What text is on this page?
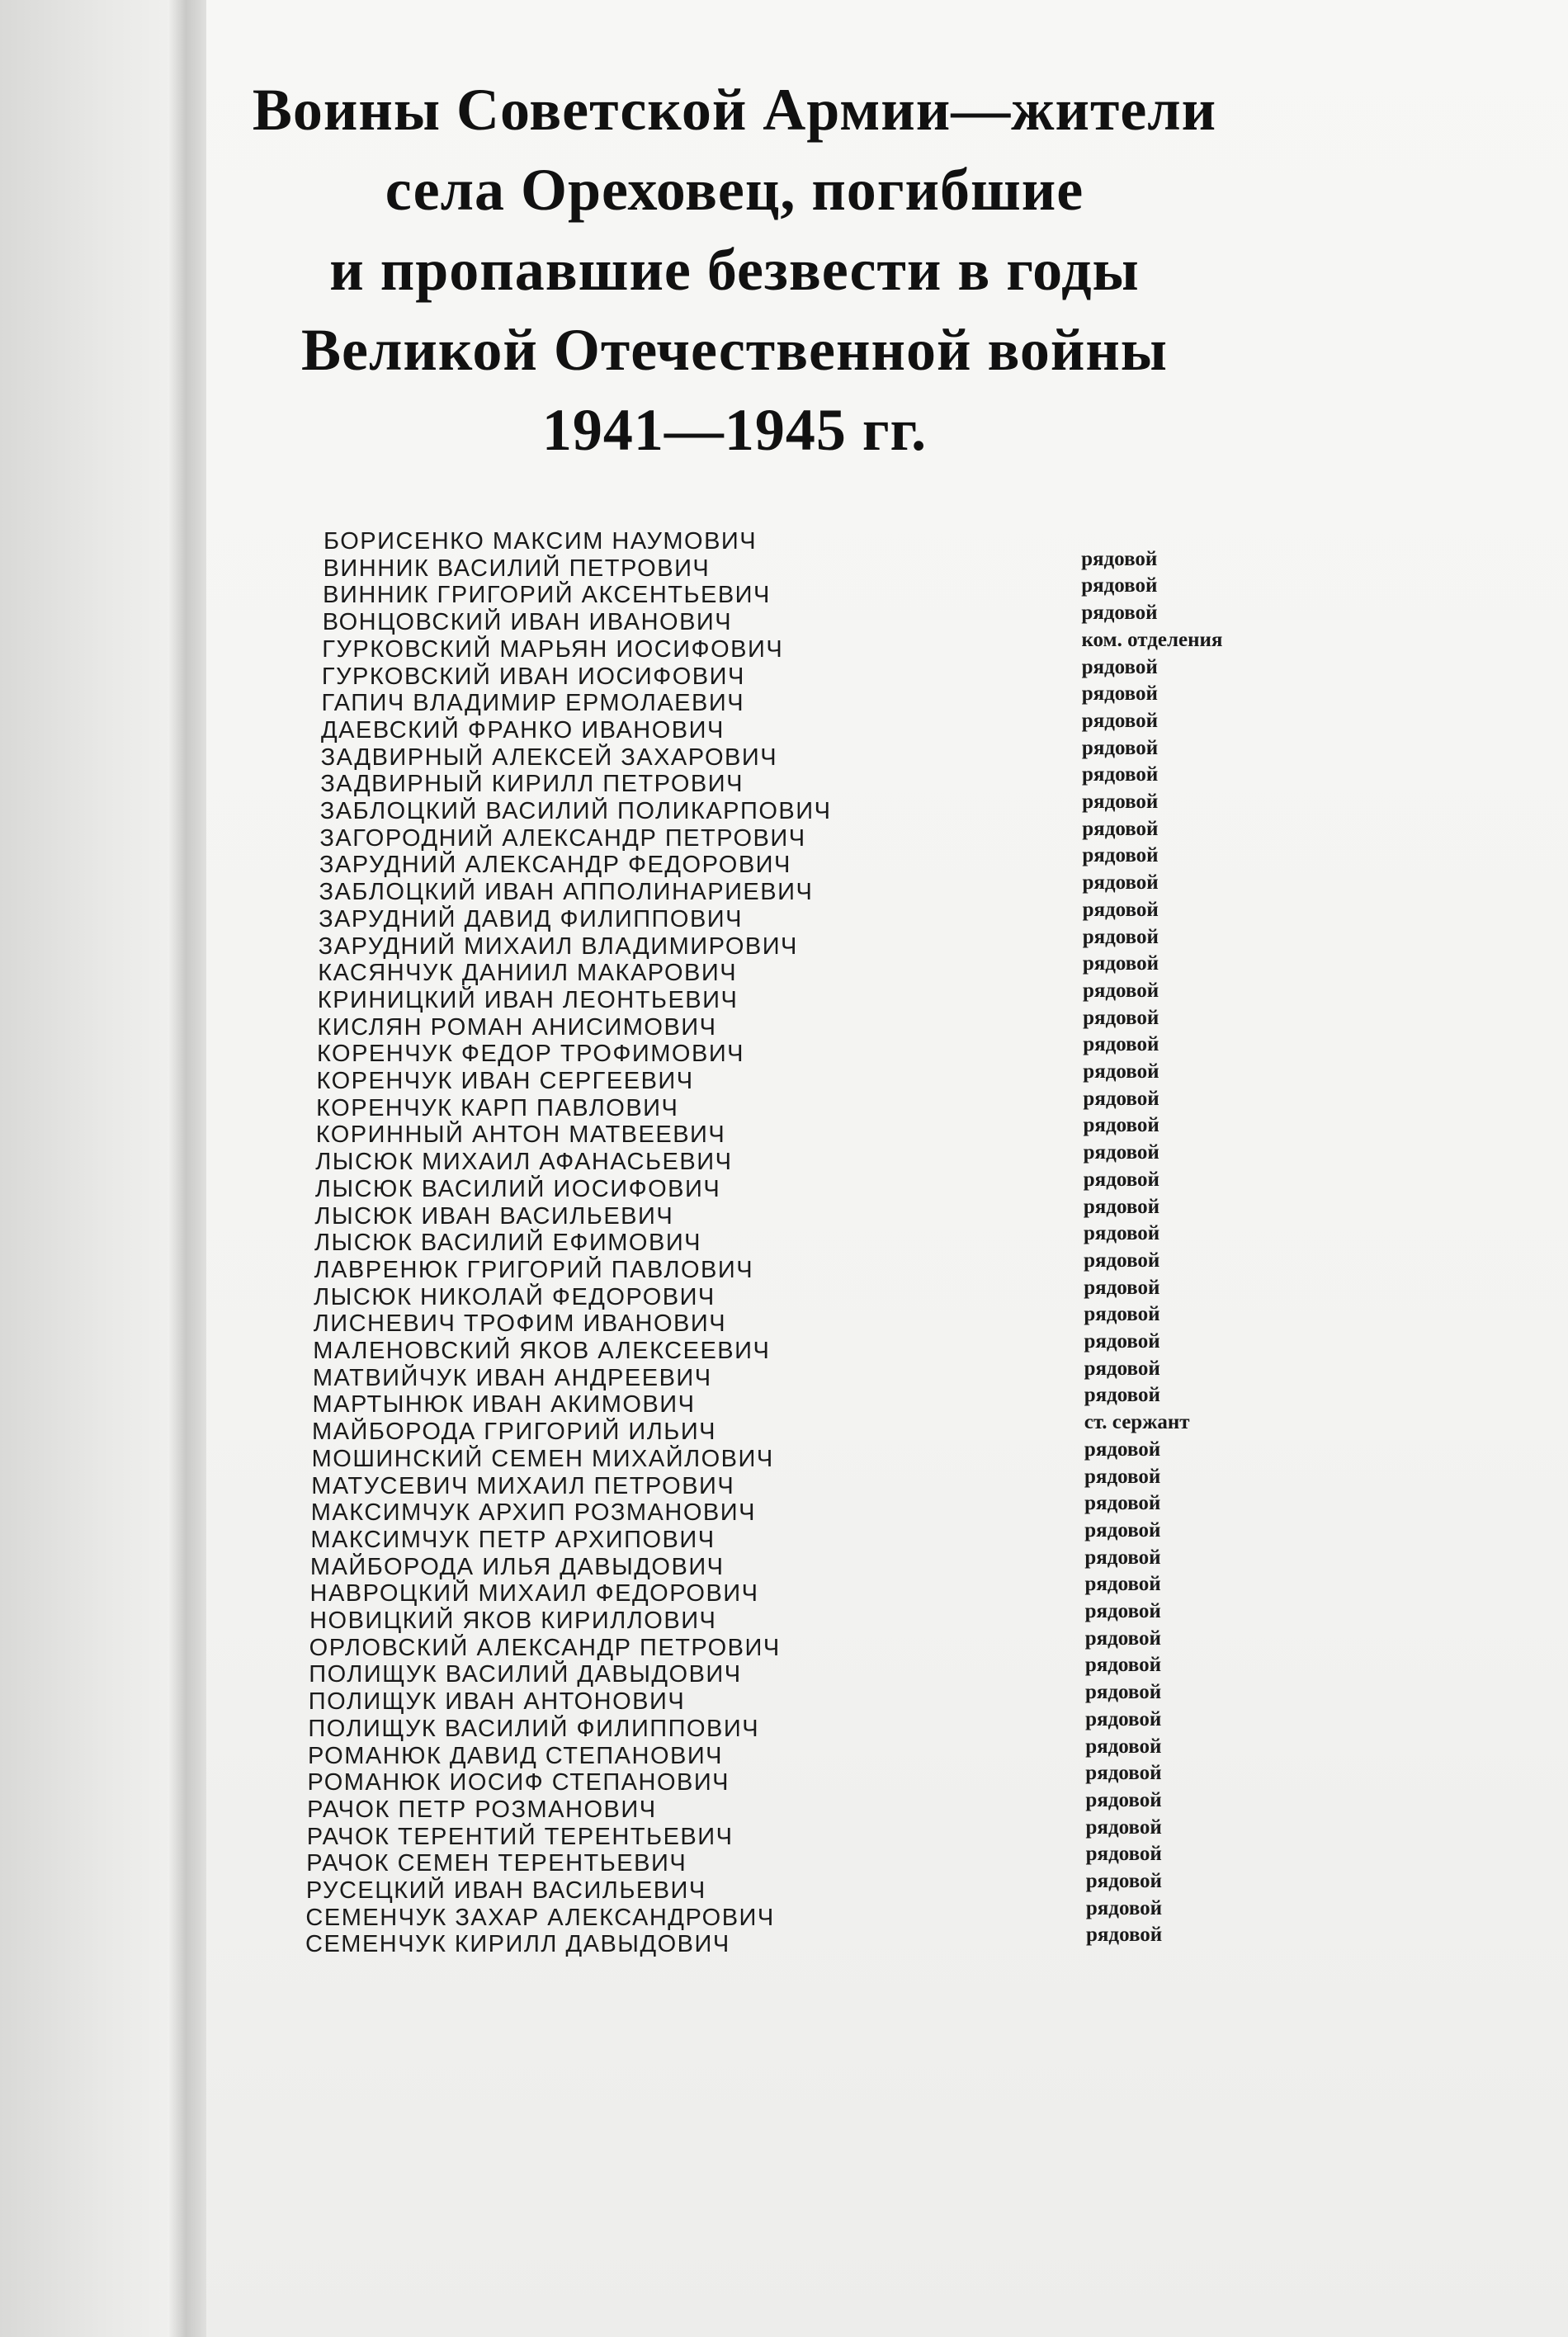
Воины Советской Армии—жители
села Ореховец, погибшие
и пропавшие безвести в годы
Великой Отечественной войны
1941—1945 гг.
БОРИСЕНКО МАКСИМ НАУМОВИЧ
ВИННИК ВАСИЛИЙ ПЕТРОВИЧ	рядовой
ВИННИК ГРИГОРИЙ АКСЕНТЬЕВИЧ	рядовой
ВОНЦОВСКИЙ ИВАН ИВАНОВИЧ	рядовой
ГУРКОВСКИЙ МАРЬЯН ИОСИФОВИЧ	ком. отделения
ГУРКОВСКИЙ ИВАН ИОСИФОВИЧ	рядовой
ГАПИЧ ВЛАДИМИР ЕРМОЛАЕВИЧ	рядовой
ДАЕВСКИЙ ФРАНКО ИВАНОВИЧ	рядовой
ЗАДВИРНЫЙ АЛЕКСЕЙ ЗАХАРОВИЧ	рядовой
ЗАДВИРНЫЙ КИРИЛЛ ПЕТРОВИЧ	рядовой
ЗАБЛОЦКИЙ ВАСИЛИЙ ПОЛИКАРПОВИЧ	рядовой
ЗАГОРОДНИЙ АЛЕКСАНДР ПЕТРОВИЧ	рядовой
ЗАРУДНИЙ АЛЕКСАНДР ФЕДОРОВИЧ	рядовой
ЗАБЛОЦКИЙ ИВАН АППОЛИНАРИЕВИЧ	рядовой
ЗАРУДНИЙ ДАВИД ФИЛИППОВИЧ	рядовой
ЗАРУДНИЙ МИХАИЛ ВЛАДИМИРОВИЧ	рядовой
КАСЯНЧУК ДАНИИЛ МАКАРОВИЧ	рядовой
КРИНИЦКИЙ ИВАН ЛЕОНТЬЕВИЧ	рядовой
КИСЛЯН РОМАН АНИСИМОВИЧ	рядовой
КОРЕНЧУК ФЕДОР ТРОФИМОВИЧ	рядовой
КОРЕНЧУК ИВАН СЕРГЕЕВИЧ	рядовой
КОРЕНЧУК КАРП ПАВЛОВИЧ	рядовой
КОРИННЫЙ АНТОН МАТВЕЕВИЧ	рядовой
ЛЫСЮК МИХАИЛ АФАНАСЬЕВИЧ	рядовой
ЛЫСЮК ВАСИЛИЙ ИОСИФОВИЧ	рядовой
ЛЫСЮК ИВАН ВАСИЛЬЕВИЧ	рядовой
ЛЫСЮК ВАСИЛИЙ ЕФИМОВИЧ	рядовой
ЛАВРЕНЮК ГРИГОРИЙ ПАВЛОВИЧ	рядовой
ЛЫСЮК НИКОЛАЙ ФЕДОРОВИЧ	рядовой
ЛИСНЕВИЧ ТРОФИМ ИВАНОВИЧ	рядовой
МАЛЕНОВСКИЙ ЯКОВ АЛЕКСЕЕВИЧ	рядовой
МАТВИЙЧУК ИВАН АНДРЕЕВИЧ	рядовой
МАРТЫНЮК ИВАН АКИМОВИЧ	рядовой
МАЙБОРОДА ГРИГОРИЙ ИЛЬИЧ	ст. сержант
МОШИНСКИЙ СЕМЕН МИХАЙЛОВИЧ	рядовой
МАТУСЕВИЧ МИХАИЛ ПЕТРОВИЧ	рядовой
МАКСИМЧУК АРХИП РОЗМАНОВИЧ	рядовой
МАКСИМЧУК ПЕТР АРХИПОВИЧ	рядовой
МАЙБОРОДА ИЛЬЯ ДАВЫДОВИЧ	рядовой
НАВРОЦКИЙ МИХАИЛ ФЕДОРОВИЧ	рядовой
НОВИЦКИЙ ЯКОВ КИРИЛЛОВИЧ	рядовой
ОРЛОВСКИЙ АЛЕКСАНДР ПЕТРОВИЧ	рядовой
ПОЛИЩУК ВАСИЛИЙ ДАВЫДОВИЧ	рядовой
ПОЛИЩУК ИВАН АНТОНОВИЧ	рядовой
ПОЛИЩУК ВАСИЛИЙ ФИЛИППОВИЧ	рядовой
РОМАНЮК ДАВИД СТЕПАНОВИЧ	рядовой
РОМАНЮК ИОСИФ СТЕПАНОВИЧ	рядовой
РАЧОК ПЕТР РОЗМАНОВИЧ	рядовой
РАЧОК ТЕРЕНТИЙ ТЕРЕНТЬЕВИЧ	рядовой
РАЧОК СЕМЕН ТЕРЕНТЬЕВИЧ	рядовой
РУСЕЦКИЙ ИВАН ВАСИЛЬЕВИЧ	рядовой
СЕМЕНЧУК ЗАХАР АЛЕКСАНДРОВИЧ	рядовой
СЕМЕНЧУК КИРИЛЛ ДАВЫДОВИЧ	рядовой
